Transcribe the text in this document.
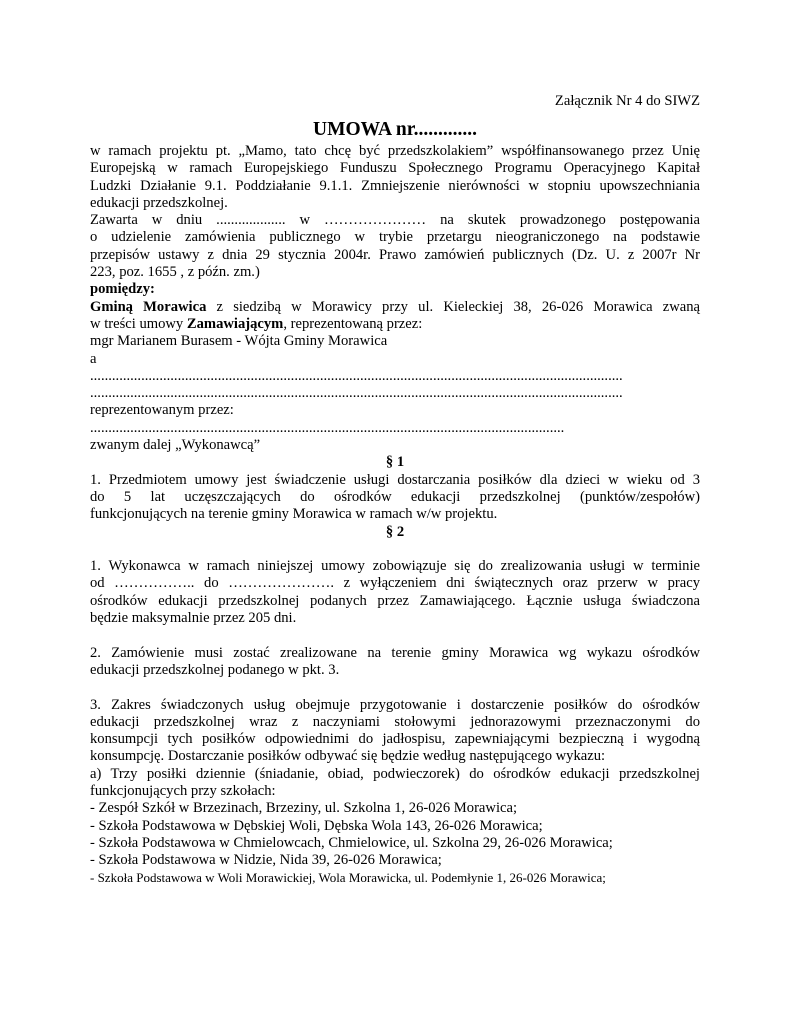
Załącznik Nr 4 do SIWZ
UMOWA nr.............
w ramach projektu pt. „Mamo, tato chcę być przedszkolakiem” współfinansowanego przez Unię
Europejską w ramach Europejskiego Funduszu Społecznego Programu Operacyjnego Kapitał
Ludzki Działanie 9.1. Poddziałanie 9.1.1. Zmniejszenie nierówności w stopniu upowszechniania
edukacji przedszkolnej.
Zawarta w dniu ................... w ………………… na skutek prowadzonego postępowania
o udzielenie zamówienia publicznego w trybie przetargu nieograniczonego na podstawie
przepisów ustawy z dnia 29 stycznia 2004r. Prawo zamówień publicznych (Dz. U. z 2007r Nr
223, poz. 1655 , z późn. zm.)
pomiędzy:
Gminą Morawica z siedzibą w Morawicy przy ul. Kieleckiej 38, 26-026 Morawica zwaną
w treści umowy Zamawiającym, reprezentowaną przez:
mgr Marianem Burasem - Wójta Gminy Morawica
a
..................................................................................................................................................
..................................................................................................................................................
reprezentowanym przez:
..................................................................................................................................
zwanym dalej „Wykonawcą”
§ 1
1. Przedmiotem umowy jest świadczenie usługi dostarczania posiłków dla dzieci w wieku od 3
do 5 lat uczęszczających do ośrodków edukacji przedszkolnej (punktów/zespołów)
funkcjonujących na terenie gminy Morawica w ramach w/w projektu.
§ 2
1. Wykonawca w ramach niniejszej umowy zobowiązuje się do zrealizowania usługi w terminie
od …………….. do …………………. z wyłączeniem dni świątecznych oraz przerw w pracy
ośrodków edukacji przedszkolnej podanych przez Zamawiającego. Łącznie usługa świadczona
będzie maksymalnie przez 205 dni.
2. Zamówienie musi zostać zrealizowane na terenie gminy Morawica wg wykazu ośrodków
edukacji przedszkolnej podanego w pkt. 3.
3. Zakres świadczonych usług obejmuje przygotowanie i dostarczenie posiłków do ośrodków
edukacji przedszkolnej wraz z naczyniami stołowymi jednorazowymi przeznaczonymi do
konsumpcji tych posiłków odpowiednimi do jadłospisu, zapewniającymi bezpieczną i wygodną
konsumpcję. Dostarczanie posiłków odbywać się będzie według następującego wykazu:
a) Trzy posiłki dziennie (śniadanie, obiad, podwieczorek) do ośrodków edukacji przedszkolnej
funkcjonujących przy szkołach:
- Zespół Szkół w Brzezinach, Brzeziny, ul. Szkolna 1, 26-026 Morawica;
- Szkoła Podstawowa w Dębskiej Woli, Dębska Wola 143, 26-026 Morawica;
- Szkoła Podstawowa w Chmielowcach, Chmielowice, ul. Szkolna 29, 26-026 Morawica;
- Szkoła Podstawowa w Nidzie, Nida 39, 26-026 Morawica;
- Szkoła Podstawowa w Woli Morawickiej, Wola Morawicka, ul. Podemłynie 1, 26-026 Morawica;
